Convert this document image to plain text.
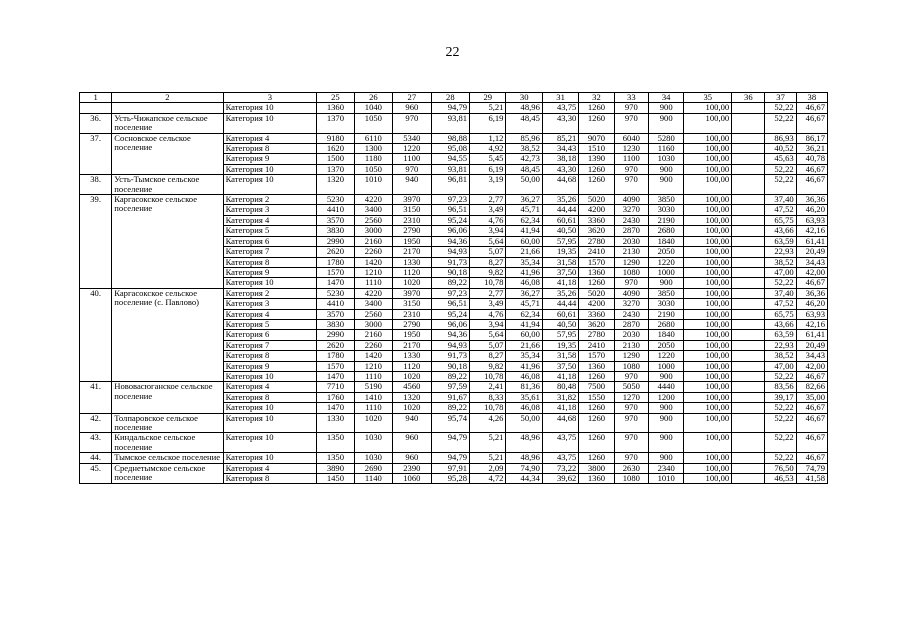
22
1	2	3	25	26	27	28	29	30	31	32	33	34	35	36	37	38
		Категория 10	1360	1040	960	94,79	5,21	48,96	43,75	1260	970	900	100,00		52,22	46,67
36.	Усть-Чижапское сельское поселение	Категория 10	1370	1050	970	93,81	6,19	48,45	43,30	1260	970	900	100,00		52,22	46,67
37.	Сосновское сельское поселение	Категория 4	9180	6110	5340	98,88	1,12	85,96	85,21	9070	6040	5280	100,00		86,93	86,17
		Категория 8	1620	1300	1220	95,08	4,92	38,52	34,43	1510	1230	1160	100,00		40,52	36,21
		Категория 9	1500	1180	1100	94,55	5,45	42,73	38,18	1390	1100	1030	100,00		45,63	40,78
		Категория 10	1370	1050	970	93,81	6,19	48,45	43,30	1260	970	900	100,00		52,22	46,67
38.	Усть-Тымское сельское поселение	Категория 10	1320	1010	940	96,81	3,19	50,00	44,68	1260	970	900	100,00		52,22	46,67
39.	Каргасокское сельское поселение	Категория 2	5230	4220	3970	97,23	2,77	36,27	35,26	5020	4090	3850	100,00		37,40	36,36
		Категория 3	4410	3400	3150	96,51	3,49	45,71	44,44	4200	3270	3030	100,00		47,52	46,20
		Категория 4	3570	2560	2310	95,24	4,76	62,34	60,61	3360	2430	2190	100,00		65,75	63,93
		Категория 5	3830	3000	2790	96,06	3,94	41,94	40,50	3620	2870	2680	100,00		43,66	42,16
		Категория 6	2990	2160	1950	94,36	5,64	60,00	57,95	2780	2030	1840	100,00		63,59	61,41
		Категория 7	2620	2260	2170	94,93	5,07	21,66	19,35	2410	2130	2050	100,00		22,93	20,49
		Категория 8	1780	1420	1330	91,73	8,27	35,34	31,58	1570	1290	1220	100,00		38,52	34,43
		Категория 9	1570	1210	1120	90,18	9,82	41,96	37,50	1360	1080	1000	100,00		47,00	42,00
		Категория 10	1470	1110	1020	89,22	10,78	46,08	41,18	1260	970	900	100,00		52,22	46,67
40.	Каргасокское сельское поселение (с. Павлово)	Категория 2	5230	4220	3970	97,23	2,77	36,27	35,26	5020	4090	3850	100,00		37,40	36,36
		Категория 3	4410	3400	3150	96,51	3,49	45,71	44,44	4200	3270	3030	100,00		47,52	46,20
		Категория 4	3570	2560	2310	95,24	4,76	62,34	60,61	3360	2430	2190	100,00		65,75	63,93
		Категория 5	3830	3000	2790	96,06	3,94	41,94	40,50	3620	2870	2680	100,00		43,66	42,16
		Категория 6	2990	2160	1950	94,36	5,64	60,00	57,95	2780	2030	1840	100,00		63,59	61,41
		Категория 7	2620	2260	2170	94,93	5,07	21,66	19,35	2410	2130	2050	100,00		22,93	20,49
		Категория 8	1780	1420	1330	91,73	8,27	35,34	31,58	1570	1290	1220	100,00		38,52	34,43
		Категория 9	1570	1210	1120	90,18	9,82	41,96	37,50	1360	1080	1000	100,00		47,00	42,00
		Категория 10	1470	1110	1020	89,22	10,78	46,08	41,18	1260	970	900	100,00		52,22	46,67
41.	Нововасюганское сельское поселение	Категория 4	7710	5190	4560	97,59	2,41	81,36	80,48	7500	5050	4440	100,00		83,56	82,66
		Категория 8	1760	1410	1320	91,67	8,33	35,61	31,82	1550	1270	1200	100,00		39,17	35,00
		Категория 10	1470	1110	1020	89,22	10,78	46,08	41,18	1260	970	900	100,00		52,22	46,67
42.	Толпаровское сельское поселение	Категория 10	1330	1020	940	95,74	4,26	50,00	44,68	1260	970	900	100,00		52,22	46,67
43.	Киндальское сельское поселение	Категория 10	1350	1030	960	94,79	5,21	48,96	43,75	1260	970	900	100,00		52,22	46,67
44.	Тымское сельское поселение	Категория 10	1350	1030	960	94,79	5,21	48,96	43,75	1260	970	900	100,00		52,22	46,67
45.	Среднетымское сельское поселение	Категория 4	3890	2690	2390	97,91	2,09	74,90	73,22	3800	2630	2340	100,00		76,50	74,79
		Категория 8	1450	1140	1060	95,28	4,72	44,34	39,62	1360	1080	1010	100,00		46,53	41,58
